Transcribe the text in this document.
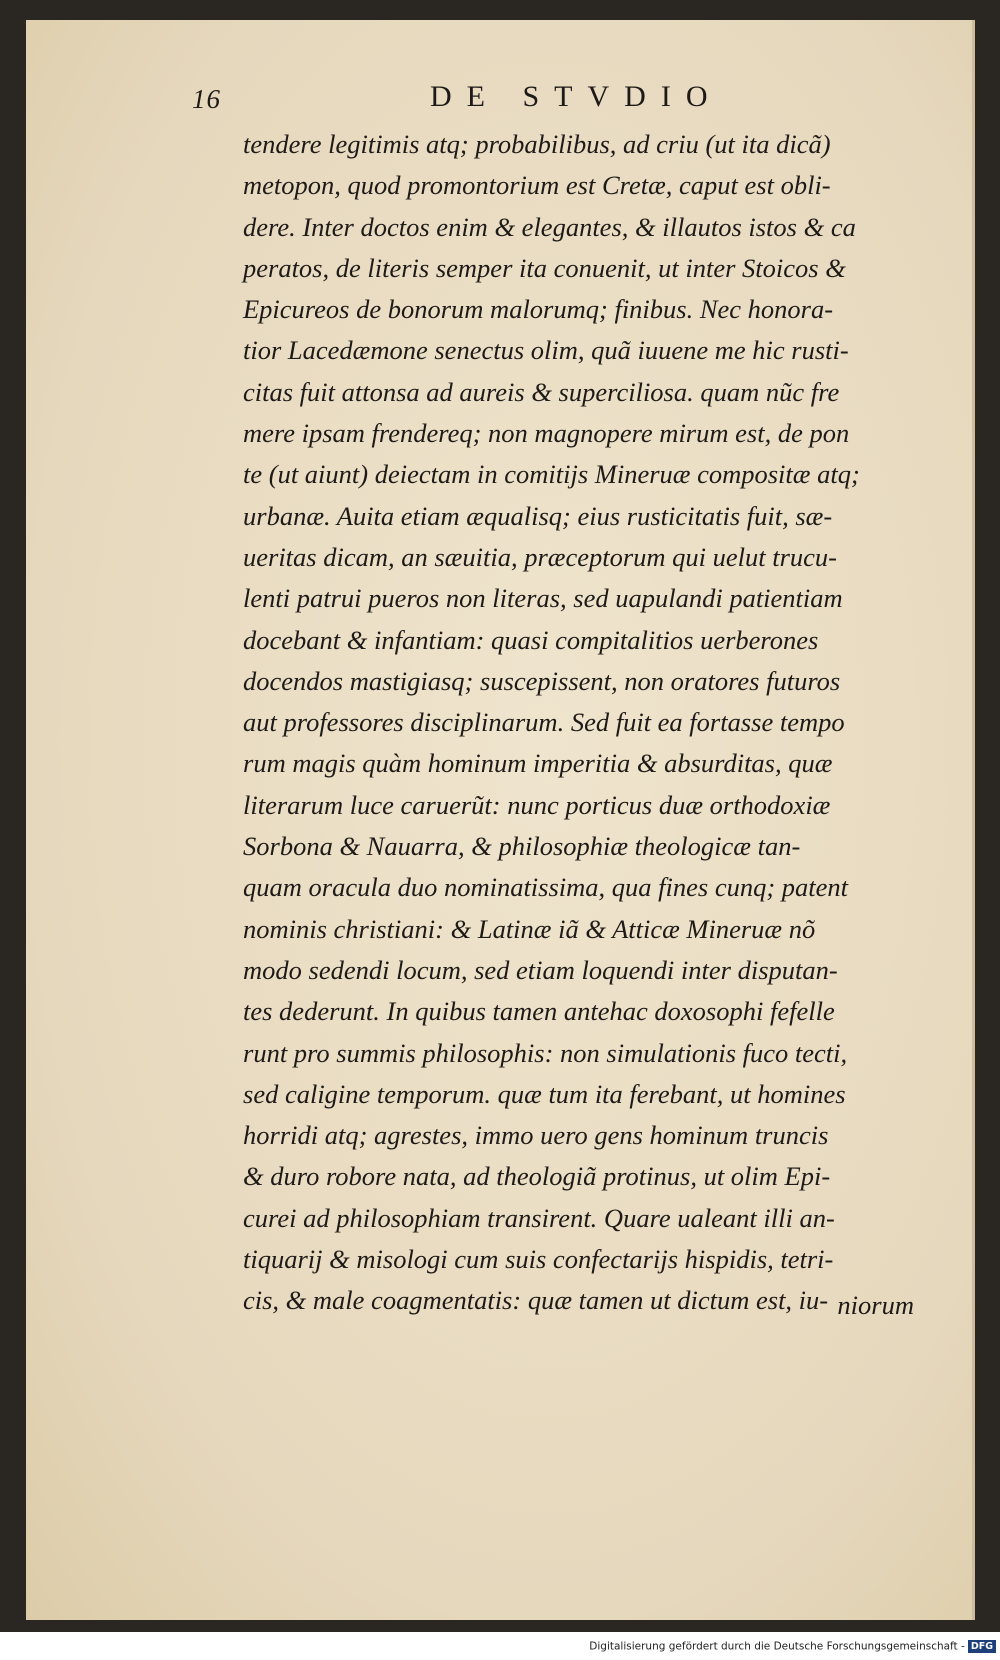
16	DE STVDIO
tendere legitimis atq; probabilibus, ad criu (ut ita dicã)
metopon, quod promontorium est Cretæ, caput est obli-
dere. Inter doctos enim & elegantes, & illautos istos & ca
peratos, de literis semper ita conuenit, ut inter Stoicos &
Epicureos de bonorum malorumq; finibus. Nec honora-
tior Lacedæmone senectus olim, quã iuuene me hic rusti-
citas fuit attonsa ad aureis & superciliosa. quam nũc fre
mere ipsam frendereq; non magnopere mirum est, de pon
te (ut aiunt) deiectam in comitijs Mineruæ compositæ atq;
urbanæ. Auita etiam æqualisq; eius rusticitatis fuit, sæ-
ueritas dicam, an sæuitia, præceptorum qui uelut trucu-
lenti patrui pueros non literas, sed uapulandi patientiam
docebant & infantiam: quasi compitalitios uerberones
docendos mastigiasq; suscepissent, non oratores futuros
aut professores disciplinarum. Sed fuit ea fortasse tempo
rum magis quàm hominum imperitia & absurditas, quæ
literarum luce caruerũt: nunc porticus duæ orthodoxiæ
Sorbona & Nauarra, & philosophiæ theologicæ tan-
quam oracula duo nominatissima, qua fines cunq; patent
nominis christiani: & Latinæ iã & Atticæ Mineruæ nõ
modo sedendi locum, sed etiam loquendi inter disputan-
tes dederunt. In quibus tamen antehac doxosophi fefelle
runt pro summis philosophis: non simulationis fuco tecti,
sed caligine temporum. quæ tum ita ferebant, ut homines
horridi atq; agrestes, immo uero gens hominum truncis
& duro robore nata, ad theologiã protinus, ut olim Epi-
curei ad philosophiam transirent. Quare ualeant illi an-
tiquarij & misologi cum suis confectarijs hispidis, tetri-
cis, & male coagmentatis: quæ tamen ut dictum est, iu- niorum
Digitalisierung gefördert durch die Deutsche Forschungsgemeinschaft - DFG
